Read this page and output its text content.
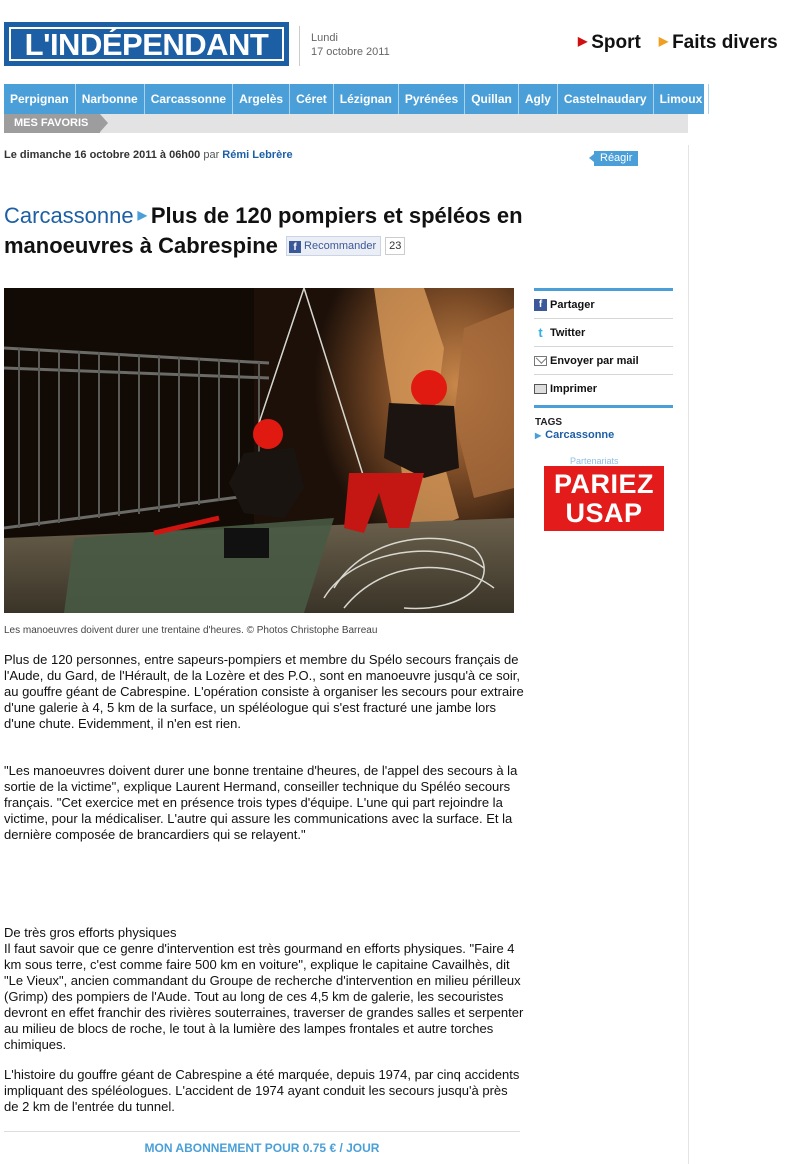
L'INDÉPENDANT	Lundi
17 octobre 2011
▶ Sport ▶ Faits divers
Perpignan Narbonne Carcassonne Argelès Céret Lézignan Pyrénées Quillan Agly Castelnaudary Limoux
MES FAVORIS
Le dimanche 16 octobre 2011 à 06h00 par Rémi Lebrère	Réagir
Carcassonne ▶ Plus de 120 pompiers et spéléos en manoeuvres à Cabrespine f Recommander 23
Les manoeuvres doivent durer une trentaine d'heures. © Photos Christophe Barreau
f Partager
t Twitter
Envoyer par mail
Imprimer
TAGS
▶ Carcassonne
Partenariats
PARIEZ
USAP

Plus de 120 personnes, entre sapeurs-pompiers et membre du Spélo secours français de l'Aude, du Gard, de l'Hérault, de la Lozère et des P.O., sont en manoeuvre jusqu'à ce soir, au gouffre géant de Cabrespine. L'opération consiste à organiser les secours pour extraire d'une galerie à 4, 5 km de la surface, un spéléologue qui s'est fracturé une jambe lors d'une chute. Evidemment, il n'en est rien.

"Les manoeuvres doivent durer une bonne trentaine d'heures, de l'appel des secours à la sortie de la victime", explique Laurent Hermand, conseiller technique du Spéléo secours français. "Cet exercice met en présence trois types d'équipe. L'une qui part rejoindre la victime, pour la médicaliser. L'autre qui assure les communications avec la surface. Et la dernière composée de brancardiers qui se relayent."

De très gros efforts physiques

Il faut savoir que ce genre d'intervention est très gourmand en efforts physiques. "Faire 4 km sous terre, c'est comme faire 500 km en voiture", explique le capitaine Cavailhès, dit "Le Vieux", ancien commandant du Groupe de recherche d'intervention en milieu périlleux (Grimp) des pompiers de l'Aude. Tout au long de ces 4,5 km de galerie, les secouristes devront en effet franchir des rivières souterraines, traverser de grandes salles et serpenter au milieu de blocs de roche, le tout à la lumière des lampes frontales et autre torches chimiques.

L'histoire du gouffre géant de Cabrespine a été marquée, depuis 1974, par cinq accidents impliquant des spéléologues. L'accident de 1974 ayant conduit les secours jusqu'à près de 2 km de l'entrée du tunnel.

MON ABONNEMENT POUR 0.75 € / JOUR
